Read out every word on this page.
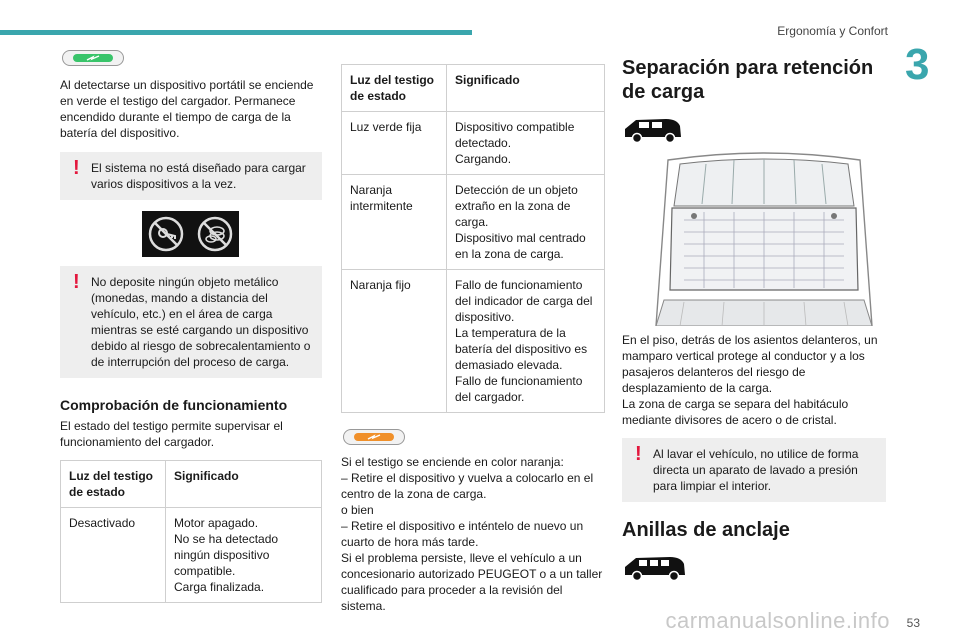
Ergonomía y Confort
3

Al detectarse un dispositivo portátil se enciende en verde el testigo del cargador. Permanece encendido durante el tiempo de carga de la batería del dispositivo.

! El sistema no está diseñado para cargar varios dispositivos a la vez.
! No deposite ningún objeto metálico (monedas, mando a distancia del vehículo, etc.) en el área de carga mientras se esté cargando un dispositivo debido al riesgo de sobrecalentamiento o de interrupción del proceso de carga.
Comprobación de funcionamiento

El estado del testigo permite supervisar el funcionamiento del cargador.

Luz del testigo de estado	Significado
Desactivado	Motor apagado.
No se ha detectado ningún dispositivo compatible.
Carga finalizada.
Luz del testigo de estado	Significado
Luz verde fija	Dispositivo compatible detectado.
Cargando.

Naranja intermitente	Detección de un objeto extraño en la zona de carga.
Dispositivo mal centrado en la zona de carga.

Naranja fijo	Fallo de funcionamiento del indicador de carga del dispositivo.
La temperatura de la batería del dispositivo es demasiado elevada.
Fallo de funcionamiento del cargador.

Si el testigo se enciende en color naranja:

– Retire el dispositivo y vuelva a colocarlo en el centro de la zona de carga.

o bien

– Retire el dispositivo e inténtelo de nuevo un cuarto de hora más tarde.

Si el problema persiste, lleve el vehículo a un concesionario autorizado PEUGEOT o a un taller cualificado para proceder a la revisión del sistema.

Separación para retención de carga

En el piso, detrás de los asientos delanteros, un mamparo vertical protege al conductor y a los pasajeros delanteros del riesgo de desplazamiento de la carga.

La zona de carga se separa del habitáculo mediante divisores de acero o de cristal.

! Al lavar el vehículo, no utilice de forma directa un aparato de lavado a presión para limpiar el interior.
Anillas de anclaje
53
carmanualsonline.info
